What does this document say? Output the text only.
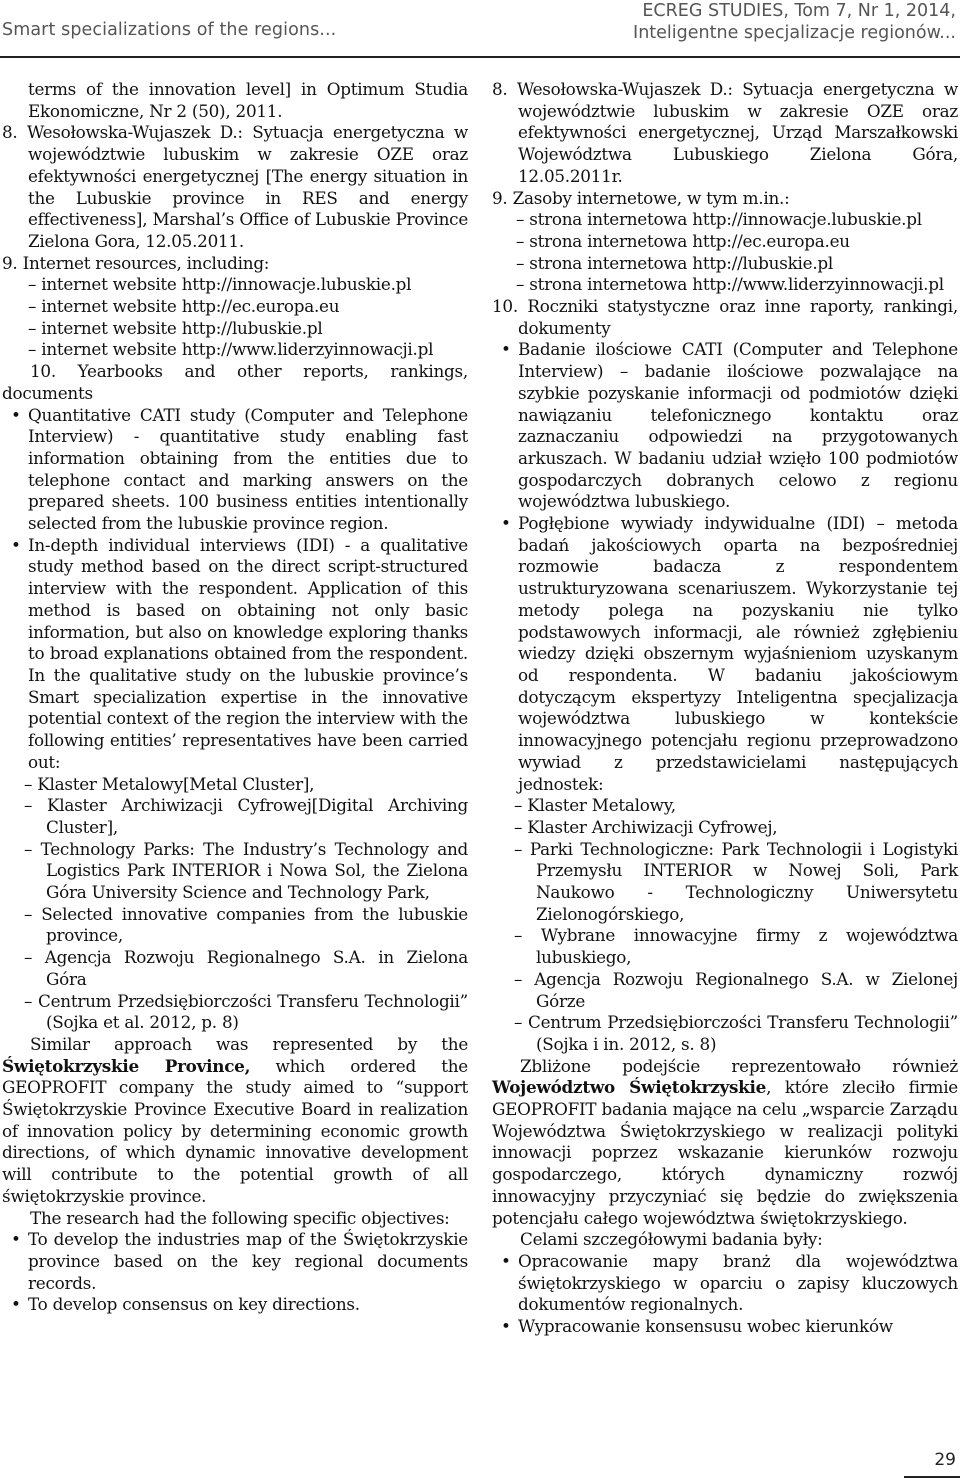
Smart specializations of the regions...
ECREG STUDIES, Tom 7, Nr 1, 2014,
Inteligentne specjalizacje regionów...

terms of the innovation level] in Optimum Studia Ekonomiczne, Nr 2 (50), 2011.

8. Wesołowska-Wujaszek D.: Sytuacja energetyczna w województwie lubuskim w zakresie OZE oraz efektywności energetycznej [The energy situation in the Lubuskie province in RES and energy effectiveness], Marshal’s Office of Lubuskie Province Zielona Gora, 12.05.2011.

9. Internet resources, including:

– internet website http://innowacje.lubuskie.pl

– internet website http://ec.europa.eu

– internet website http://lubuskie.pl

– internet website http://www.liderzyinnowacji.pl

10. Yearbooks and other reports, rankings, documents

• Quantitative CATI study (Computer and Telephone Interview) - quantitative study enabling fast information obtaining from the entities due to telephone contact and marking answers on the prepared sheets. 100 business entities intentionally selected from the lubuskie province region.

• In-depth individual interviews (IDI) - a qualitative study method based on the direct script-structured interview with the respondent. Application of this method is based on obtaining not only basic information, but also on knowledge exploring thanks to broad explanations obtained from the respondent. In the qualitative study on the lubuskie province’s Smart specialization expertise in the innovative potential context of the region the interview with the following entities’ representatives have been carried out:

– Klaster Metalowy[Metal Cluster],

– Klaster Archiwizacji Cyfrowej[Digital Archiving Cluster],

– Technology Parks: The Industry’s Technology and Logistics Park INTERIOR i Nowa Sol, the Zielona Góra University Science and Technology Park,

– Selected innovative companies from the lubuskie province,

– Agencja Rozwoju Regionalnego S.A. in Zielona Góra

– Centrum Przedsiębiorczości Transferu Technologii” (Sojka et al. 2012, p. 8)

Similar approach was represented by the Świętokrzyskie Province, which ordered the GEOPROFIT company the study aimed to “support Świętokrzyskie Province Executive Board in realization of innovation policy by determining economic growth directions, of which dynamic innovative development will contribute to the potential growth of all świętokrzyskie province.

The research had the following specific objectives:

• To develop the industries map of the Świętokrzyskie province based on the key regional documents records.

• To develop consensus on key directions.

8. Wesołowska-Wujaszek D.: Sytuacja energetyczna w województwie lubuskim w zakresie OZE oraz efektywności energetycznej, Urząd Marszałkowski Województwa Lubuskiego Zielona Góra, 12.05.2011r.

9. Zasoby internetowe, w tym m.in.:

– strona internetowa http://innowacje.lubuskie.pl

– strona internetowa http://ec.europa.eu

– strona internetowa http://lubuskie.pl

– strona internetowa http://www.liderzyinnowacji.pl

10. Roczniki statystyczne oraz inne raporty, rankingi, dokumenty

• Badanie ilościowe CATI (Computer and Telephone Interview) – badanie ilościowe pozwalające na szybkie pozyskanie informacji od podmiotów dzięki nawiązaniu telefonicznego kontaktu oraz zaznaczaniu odpowiedzi na przygotowanych arkuszach. W badaniu udział wzięło 100 podmiotów gospodarczych dobranych celowo z regionu województwa lubuskiego.

• Pogłębione wywiady indywidualne (IDI) – metoda badań jakościowych oparta na bezpośredniej rozmowie badacza z respondentem ustrukturyzowana scenariuszem. Wykorzystanie tej metody polega na pozyskaniu nie tylko podstawowych informacji, ale również zgłębieniu wiedzy dzięki obszernym wyjaśnieniom uzyskanym od respondenta. W badaniu jakościowym dotyczącym ekspertyzy Inteligentna specjalizacja województwa lubuskiego w kontekście innowacyjnego potencjału regionu przeprowadzono wywiad z przedstawicielami następujących jednostek:

– Klaster Metalowy,

– Klaster Archiwizacji Cyfrowej,

– Parki Technologiczne: Park Technologii i Logistyki Przemysłu INTERIOR w Nowej Soli, Park Naukowo - Technologiczny Uniwersytetu Zielonogórskiego,

– Wybrane innowacyjne firmy z województwa lubuskiego,

– Agencja Rozwoju Regionalnego S.A. w Zielonej Górze

– Centrum Przedsiębiorczości Transferu Technologii” (Sojka i in. 2012, s. 8)

Zbliżone podejście reprezentowało również Województwo Świętokrzyskie, które zleciło firmie GEOPROFIT badania mające na celu „wsparcie Zarządu Województwa Świętokrzyskiego w realizacji polityki innowacji poprzez wskazanie kierunków rozwoju gospodarczego, których dynamiczny rozwój innowacyjny przyczyniać się będzie do zwiększenia potencjału całego województwa świętokrzyskiego.

Celami szczegółowymi badania były:

• Opracowanie mapy branż dla województwa świętokrzyskiego w oparciu o zapisy kluczowych dokumentów regionalnych.

• Wypracowanie konsensusu wobec kierunków

29
